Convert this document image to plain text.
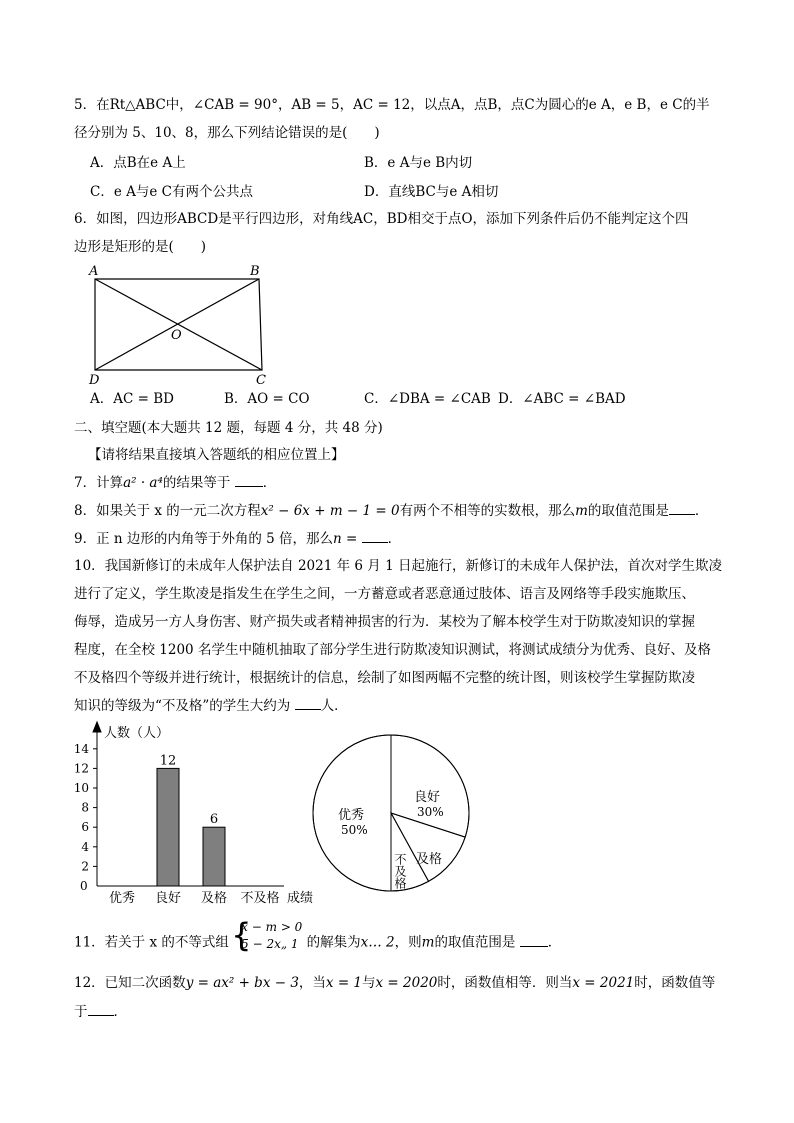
5．在Rt△ABC中，∠CAB = 90°，AB = 5，AC = 12，以点A，点B，点C为圆心的e A，e B，e C的半
径分别为 5、10、8，那么下列结论错误的是(　　)
A．点B在e A上	B．e A与e B内切
C．e A与e C有两个公共点	D．直线BC与e A相切
6．如图，四边形ABCD是平行四边形，对角线AC，BD相交于点O，添加下列条件后仍不能判定这个四
边形是矩形的是(　　)
A	B
C
D
O
A．AC = BD	B．AO = CO	C．∠DBA = ∠CAB D．∠ABC = ∠BAD
二、填空题(本大题共 12 题，每题 4 分，共 48 分)
【请将结果直接填入答题纸的相应位置上】
7．计算a² · a⁴的结果等于 ．
8．如果关于 x 的一元二次方程x² − 6x + m − 1 = 0有两个不相等的实数根，那么m的取值范围是 ．
9．正 n 边形的内角等于外角的 5 倍，那么n = ．
10．我国新修订的未成年人保护法自 2021 年 6 月 1 日起施行，新修订的未成年人保护法，首次对学生欺凌
进行了定义，学生欺凌是指发生在学生之间，一方蓄意或者恶意通过肢体、语言及网络等手段实施欺压、
侮辱，造成另一方人身伤害、财产损失或者精神损害的行为．某校为了解本校学生对于防欺凌知识的掌握
程度，在全校 1200 名学生中随机抽取了部分学生进行防欺凌知识测试，将测试成绩分为优秀、良好、及格
不及格四个等级并进行统计，根据统计的信息，绘制了如图两幅不完整的统计图，则该校学生掌握防欺凌
知识的等级为“不及格”的学生大约为 人．
人数（人）
成绩
0
2
4
6
8
10
12
14
12
6
优秀 良好 及格 不及格
良好
30%
优秀
50%
及格
不及格
11．若关于 x 的不等式组 {
x − m > 0
5 − 2x„ 1 的解集为x… 2，则m的取值范围是 ．
12．已知二次函数y = ax² + bx − 3，当x = 1与x = 2020时，函数值相等．则当x = 2021时，函数值等
于 ．
